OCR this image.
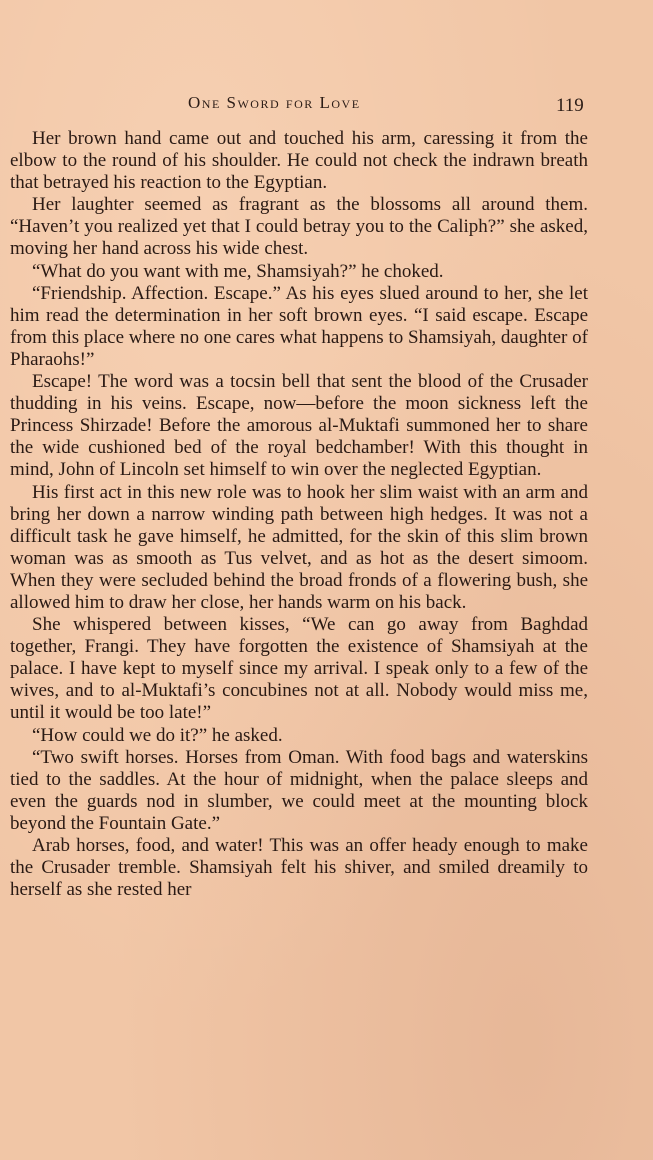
One Sword for Love	119

Her brown hand came out and touched his arm, caressing it from the elbow to the round of his shoulder. He could not check the indrawn breath that betrayed his reaction to the Egyptian.

Her laughter seemed as fragrant as the blossoms all around them. “Haven’t you realized yet that I could betray you to the Caliph?” she asked, moving her hand across his wide chest.

“What do you want with me, Shamsiyah?” he choked.

“Friendship. Affection. Escape.” As his eyes slued around to her, she let him read the determination in her soft brown eyes. “I said escape. Escape from this place where no one cares what happens to Shamsiyah, daughter of Pharaohs!”

Escape! The word was a tocsin bell that sent the blood of the Crusader thudding in his veins. Escape, now—before the moon sickness left the Princess Shirzade! Before the amorous al-Muktafi summoned her to share the wide cushioned bed of the royal bedchamber! With this thought in mind, John of Lincoln set himself to win over the neglected Egyptian.

His first act in this new role was to hook her slim waist with an arm and bring her down a narrow winding path between high hedges. It was not a difficult task he gave himself, he admitted, for the skin of this slim brown woman was as smooth as Tus velvet, and as hot as the desert simoom. When they were secluded behind the broad fronds of a flowering bush, she allowed him to draw her close, her hands warm on his back.

She whispered between kisses, “We can go away from Baghdad together, Frangi. They have forgotten the existence of Shamsiyah at the palace. I have kept to myself since my arrival. I speak only to a few of the wives, and to al-Muktafi’s concubines not at all. Nobody would miss me, until it would be too late!”

“How could we do it?” he asked.

“Two swift horses. Horses from Oman. With food bags and waterskins tied to the saddles. At the hour of midnight, when the palace sleeps and even the guards nod in slumber, we could meet at the mounting block beyond the Fountain Gate.”

Arab horses, food, and water! This was an offer heady enough to make the Crusader tremble. Shamsiyah felt his shiver, and smiled dreamily to herself as she rested her
